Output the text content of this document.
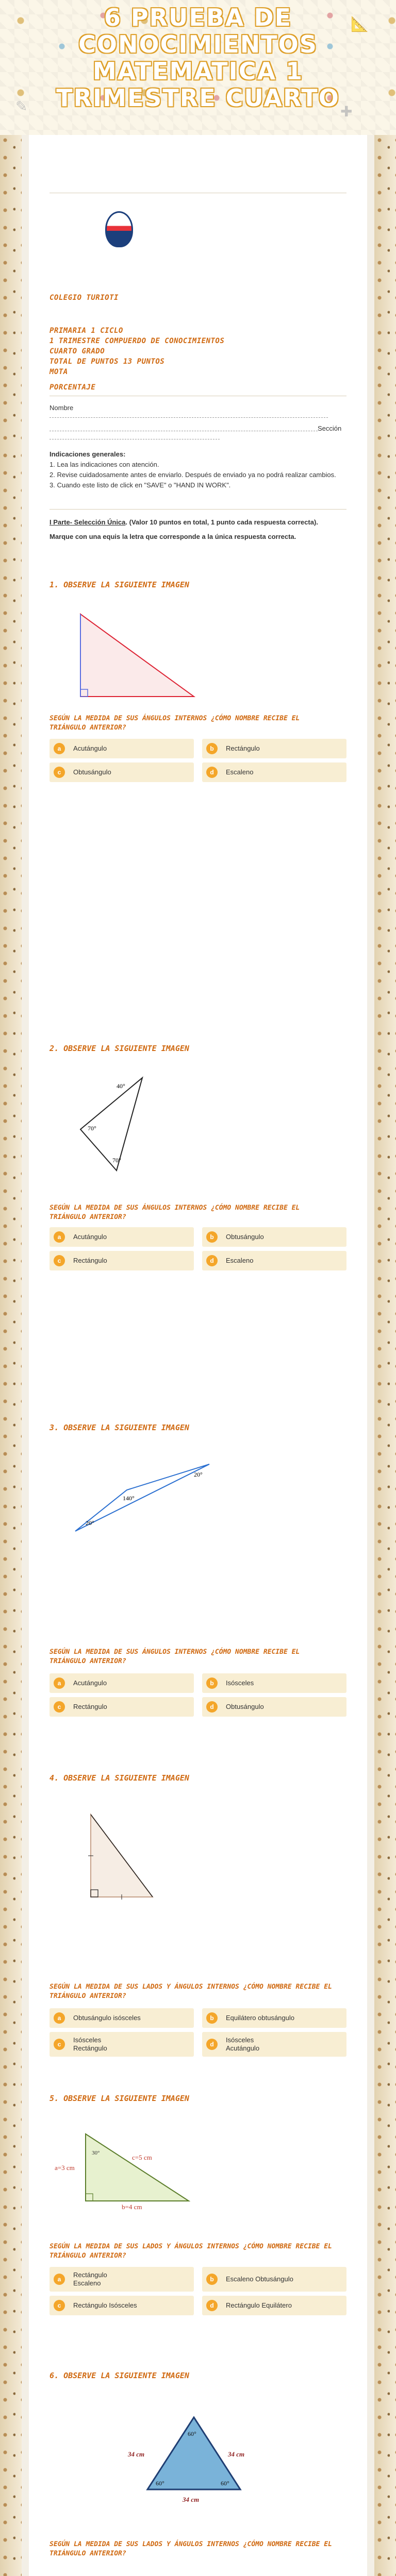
✎
📐
✚
6 PRUEBA DE
CONOCIMIENTOS
MATEMATICA 1
TRIMESTRE CUARTO
COLEGIO TURIOTI
PRIMARIA 1 CICLO
1 TRIMESTRE COMPUERDO DE CONOCIMIENTOS
CUARTO GRADO
TOTAL DE PUNTOS 13 PUNTOS
MOTA
PORCENTAJE
Nombre
Sección
Indicaciones generales:
1. Lea las indicaciones con atención.
2. Revise cuidadosamente antes de enviarlo. Después de enviado ya no podrá realizar cambios.
3. Cuando este listo de click en "SAVE" o "HAND IN WORK".
I Parte- Selección Única. (Valor 10 puntos en total, 1 punto cada respuesta correcta).
Marque con una equis la letra que corresponde a la única respuesta correcta.
1. OBSERVE LA SIGUIENTE IMAGEN
SEGÚN LA MEDIDA DE SUS ÁNGULOS INTERNOS ¿CÓMO NOMBRE RECIBE EL TRIÁNGULO ANTERIOR?
a	Acutángulo	b	Rectángulo
c	Obtusángulo	d	Escaleno
2. OBSERVE LA SIGUIENTE IMAGEN
40°
70°
70°
SEGÚN LA MEDIDA DE SUS ÁNGULOS INTERNOS ¿CÓMO NOMBRE RECIBE EL TRIÁNGULO ANTERIOR?
a	Acutángulo	b	Obtusángulo
c	Rectángulo	d	Escaleno
3. OBSERVE LA SIGUIENTE IMAGEN
140°
20°
20°
SEGÚN LA MEDIDA DE SUS ÁNGULOS INTERNOS ¿CÓMO NOMBRE RECIBE EL TRIÁNGULO ANTERIOR?
a	Acutángulo	b	Isósceles
c	Rectángulo	d	Obtusángulo
4. OBSERVE LA SIGUIENTE IMAGEN
SEGÚN LA MEDIDA DE SUS LADOS Y ÁNGULOS INTERNOS ¿CÓMO NOMBRE RECIBE EL TRIÁNGULO ANTERIOR?
a	Obtusángulo isósceles	b	Equilátero obtusángulo
c
Isósceles Rectángulo	d
Isósceles Acutángulo
5. OBSERVE LA SIGUIENTE IMAGEN
c=5 cm
a=3 cm
b=4 cm
30°
SEGÚN LA MEDIDA DE SUS LADOS Y ÁNGULOS INTERNOS ¿CÓMO NOMBRE RECIBE EL TRIÁNGULO ANTERIOR?
a
Rectángulo Escaleno	b	Escaleno Obtusángulo
c	Rectángulo Isósceles	d	Rectángulo Equilátero
6. OBSERVE LA SIGUIENTE IMAGEN
34 cm	34 cm
34 cm
60°
60°	60°
SEGÚN LA MEDIDA DE SUS LADOS Y ÁNGULOS INTERNOS ¿CÓMO NOMBRE RECIBE EL TRIÁNGULO ANTERIOR?
